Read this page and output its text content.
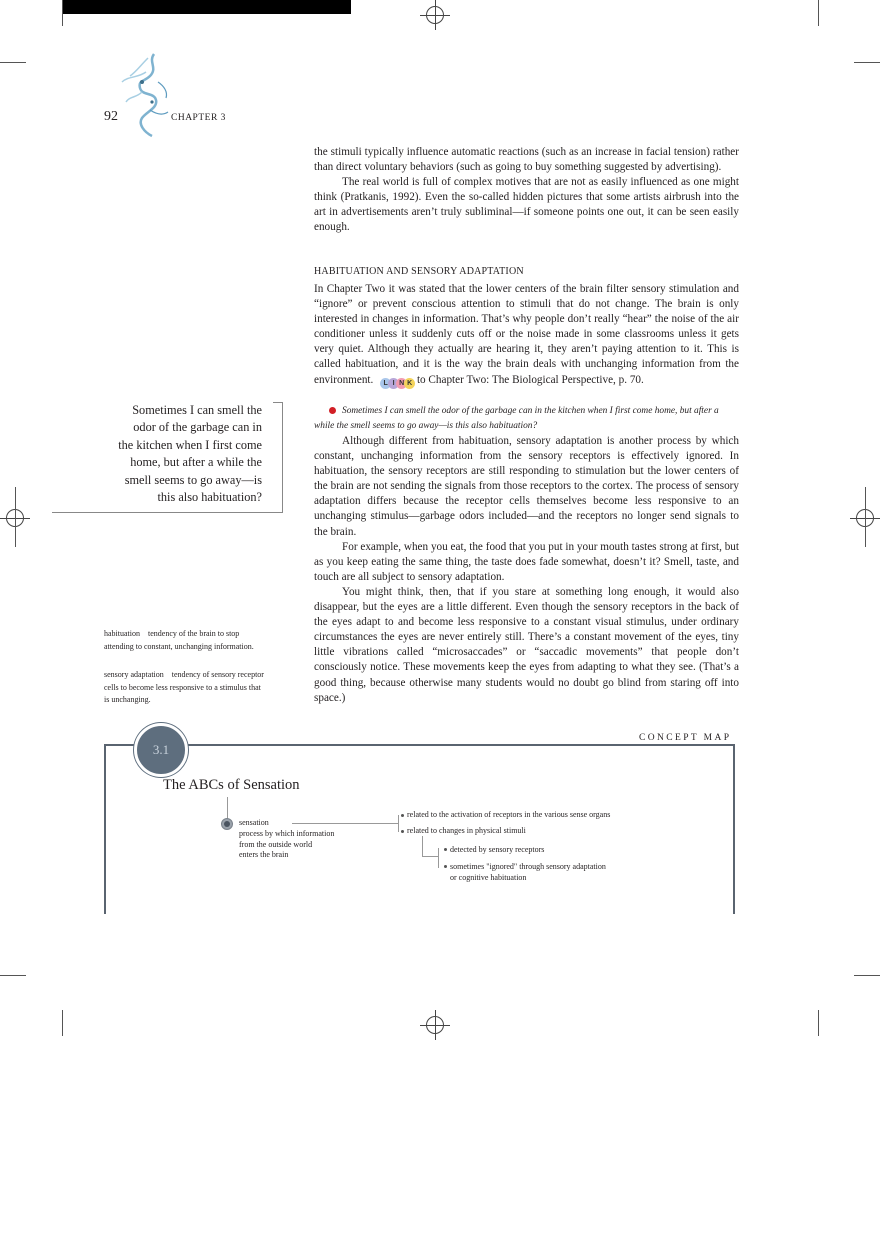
92	CHAPTER 3

the stimuli typically influence automatic reactions (such as an increase in facial tension) rather than direct voluntary behaviors (such as going to buy something suggested by advertising).

The real world is full of complex motives that are not as easily influenced as one might think (Pratkanis, 1992). Even the so-called hidden pictures that some artists airbrush into the art in advertisements aren’t truly subliminal—if someone points one out, it can be seen easily enough.

HABITUATION AND SENSORY ADAPTATION

In Chapter Two it was stated that the lower centers of the brain filter sensory stimulation and “ignore” or prevent conscious attention to stimuli that do not change. The brain is only interested in changes in information. That’s why people don’t really “hear” the noise of the air conditioner unless it suddenly cuts off or the noise made in some classrooms unless it gets very quiet. Although they actually are hearing it, they aren’t paying attention to it. This is called habituation, and it is the way the brain deals with unchanging information from the environment. L I N K to Chapter Two: The Biological Perspective, p. 70.

Sometimes I can smell the odor of the garbage can in the kitchen when I first come home, but after a while the smell seems to go away—is this also habituation?

Although different from habituation, sensory adaptation is another process by which constant, unchanging information from the sensory receptors is effectively ignored. In habituation, the sensory receptors are still responding to stimulation but the lower centers of the brain are not sending the signals from those receptors to the cortex. The process of sensory adaptation differs because the receptor cells themselves become less responsive to an unchanging stimulus—garbage odors included—and the receptors no longer send signals to the brain.

For example, when you eat, the food that you put in your mouth tastes strong at first, but as you keep eating the same thing, the taste does fade somewhat, doesn’t it? Smell, taste, and touch are all subject to sensory adaptation.

You might think, then, that if you stare at something long enough, it would also disappear, but the eyes are a little different. Even though the sensory receptors in the back of the eyes adapt to and become less responsive to a constant visual stimulus, under ordinary circumstances the eyes are never entirely still. There’s a constant movement of the eyes, tiny little vibrations called “microsaccades” or “saccadic movements” that people don’t consciously notice. These movements keep the eyes from adapting to what they see. (That’s a good thing, because otherwise many students would no doubt go blind from staring off into space.)

Sometimes I can smell the
odor of the garbage can in
the kitchen when I first come
home, but after a while the
smell seems to go away—is
this also habituation?
habituation tendency of the brain to stop attending to constant, unchanging information.
sensory adaptation tendency of sensory receptor cells to become less responsive to a stimulus that is unchanging.
CONCEPT MAP
3.1
The ABCs of Sensation
sensation
process by which information
from the outside world
enters the brain
related to the activation of receptors in the various sense organs
related to changes in physical stimuli
detected by sensory receptors
sometimes "ignored" through sensory adaptation
or cognitive habituation
